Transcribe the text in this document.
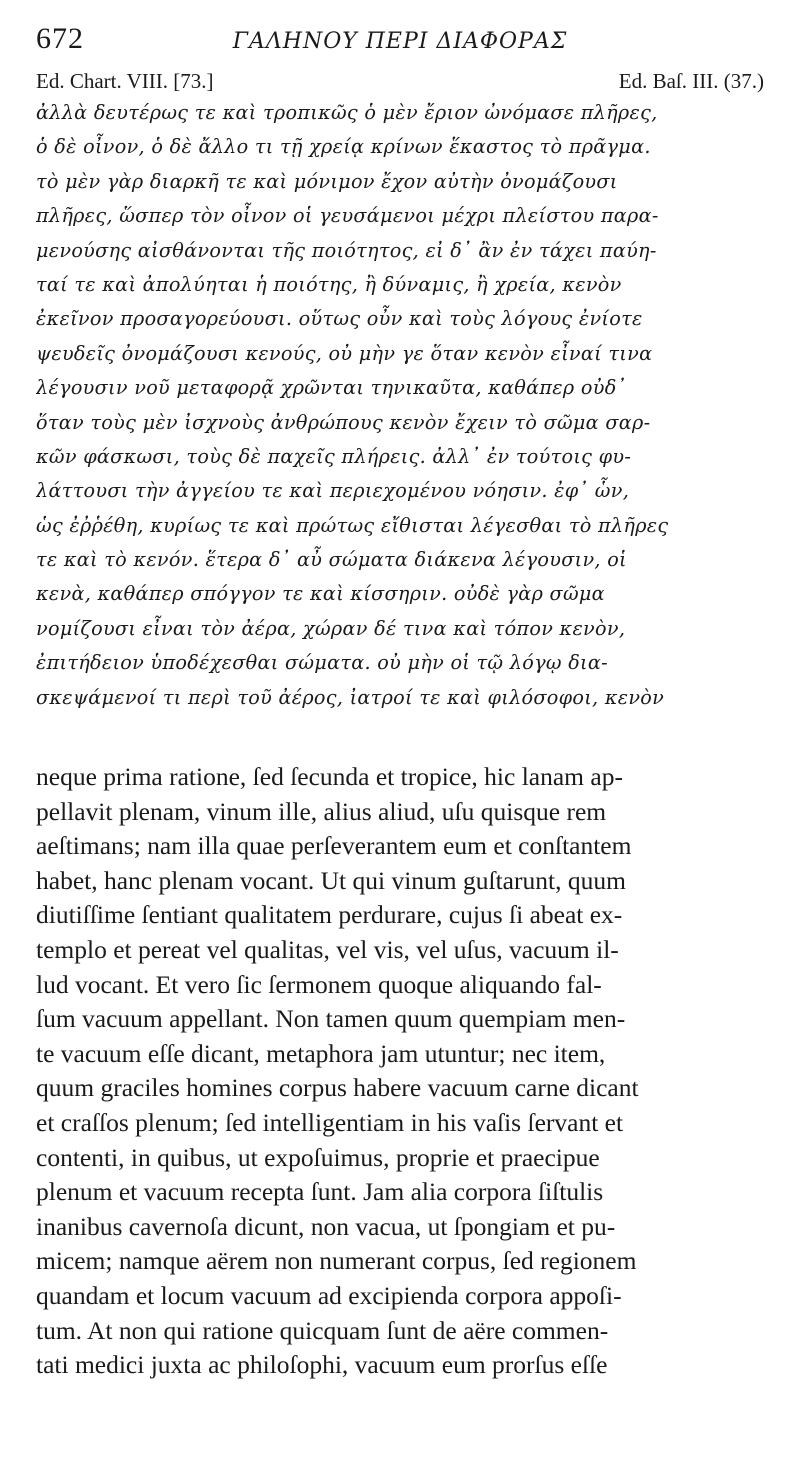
672	ΓΑΛΗΝΟΥ ΠΕΡΙ ΔΙΑΦΟΡΑΣ
Ed. Chart. VIII. [73.]	Ed. Baſ. III. (37.)
ἀλλὰ δευτέρως τε καὶ τροπικῶς ὁ μὲν ἔριον ὠνόμασε πλῆρες,
ὁ δὲ οἶνον, ὁ δὲ ἄλλο τι τῇ χρείᾳ κρίνων ἕκαστος τὸ πρᾶγμα.
τὸ μὲν γὰρ διαρκῆ τε καὶ μόνιμον ἔχον αὐτὴν ὀνομάζουσι
πλῆρες, ὥσπερ τὸν οἶνον οἱ γευσάμενοι μέχρι πλείστου παρα-
μενούσης αἰσθάνονται τῆς ποιότητος, εἰ δ᾽ ἂν ἐν τάχει παύη-
ταί τε καὶ ἀπολύηται ἡ ποιότης, ἢ δύναμις, ἢ χρεία, κενὸν
ἐκεῖνον προσαγορεύουσι. οὕτως οὖν καὶ τοὺς λόγους ἐνίοτε
ψευδεῖς ὀνομάζουσι κενούς, οὐ μὴν γε ὅταν κενὸν εἶναί τινα
λέγουσιν νοῦ μεταφορᾷ χρῶνται τηνικαῦτα, καθάπερ οὐδ᾽
ὅταν τοὺς μὲν ἰσχνοὺς ἀνθρώπους κενὸν ἔχειν τὸ σῶμα σαρ-
κῶν φάσκωσι, τοὺς δὲ παχεῖς πλήρεις. ἀλλ᾽ ἐν τούτοις φυ-
λάττουσι τὴν ἀγγείου τε καὶ περιεχομένου νόησιν. ἐφ᾽ ὧν,
ὡς ἐῤῥέθη, κυρίως τε καὶ πρώτως εἴθισται λέγεσθαι τὸ πλῆρες
τε καὶ τὸ κενόν. ἕτερα δ᾽ αὖ σώματα διάκενα λέγουσιν, οἱ
κενὰ, καθάπερ σπόγγον τε καὶ κίσσηριν. οὐδὲ γὰρ σῶμα
νομίζουσι εἶναι τὸν ἀέρα, χώραν δέ τινα καὶ τόπον κενὸν,
ἐπιτήδειον ὑποδέχεσθαι σώματα. οὐ μὴν οἱ τῷ λόγῳ δια-
σκεψάμενοί τι περὶ τοῦ ἀέρος, ἰατροί τε καὶ φιλόσοφοι, κενὸν
neque prima ratione, ſed ſecunda et tropice, hic lanam ap-
pellavit plenam, vinum ille, alius aliud, uſu quisque rem
aeſtimans; nam illa quae perſeverantem eum et conſtantem
habet, hanc plenam vocant. Ut qui vinum guſtarunt, quum
diutiſſime ſentiant qualitatem perdurare, cujus ſi abeat ex-
templo et pereat vel qualitas, vel vis, vel uſus, vacuum il-
lud vocant. Et vero ſic ſermonem quoque aliquando fal-
ſum vacuum appellant. Non tamen quum quempiam men-
te vacuum eſſe dicant, metaphora jam utuntur; nec item,
quum graciles homines corpus habere vacuum carne dicant
et craſſos plenum; ſed intelligentiam in his vaſis ſervant et
contenti, in quibus, ut expoſuimus, proprie et praecipue
plenum et vacuum recepta ſunt. Jam alia corpora ſiſtulis
inanibus cavernoſa dicunt, non vacua, ut ſpongiam et pu-
micem; namque aërem non numerant corpus, ſed regionem
quandam et locum vacuum ad excipienda corpora appoſi-
tum. At non qui ratione quicquam ſunt de aëre commen-
tati medici juxta ac philoſophi, vacuum eum prorſus eſſe
